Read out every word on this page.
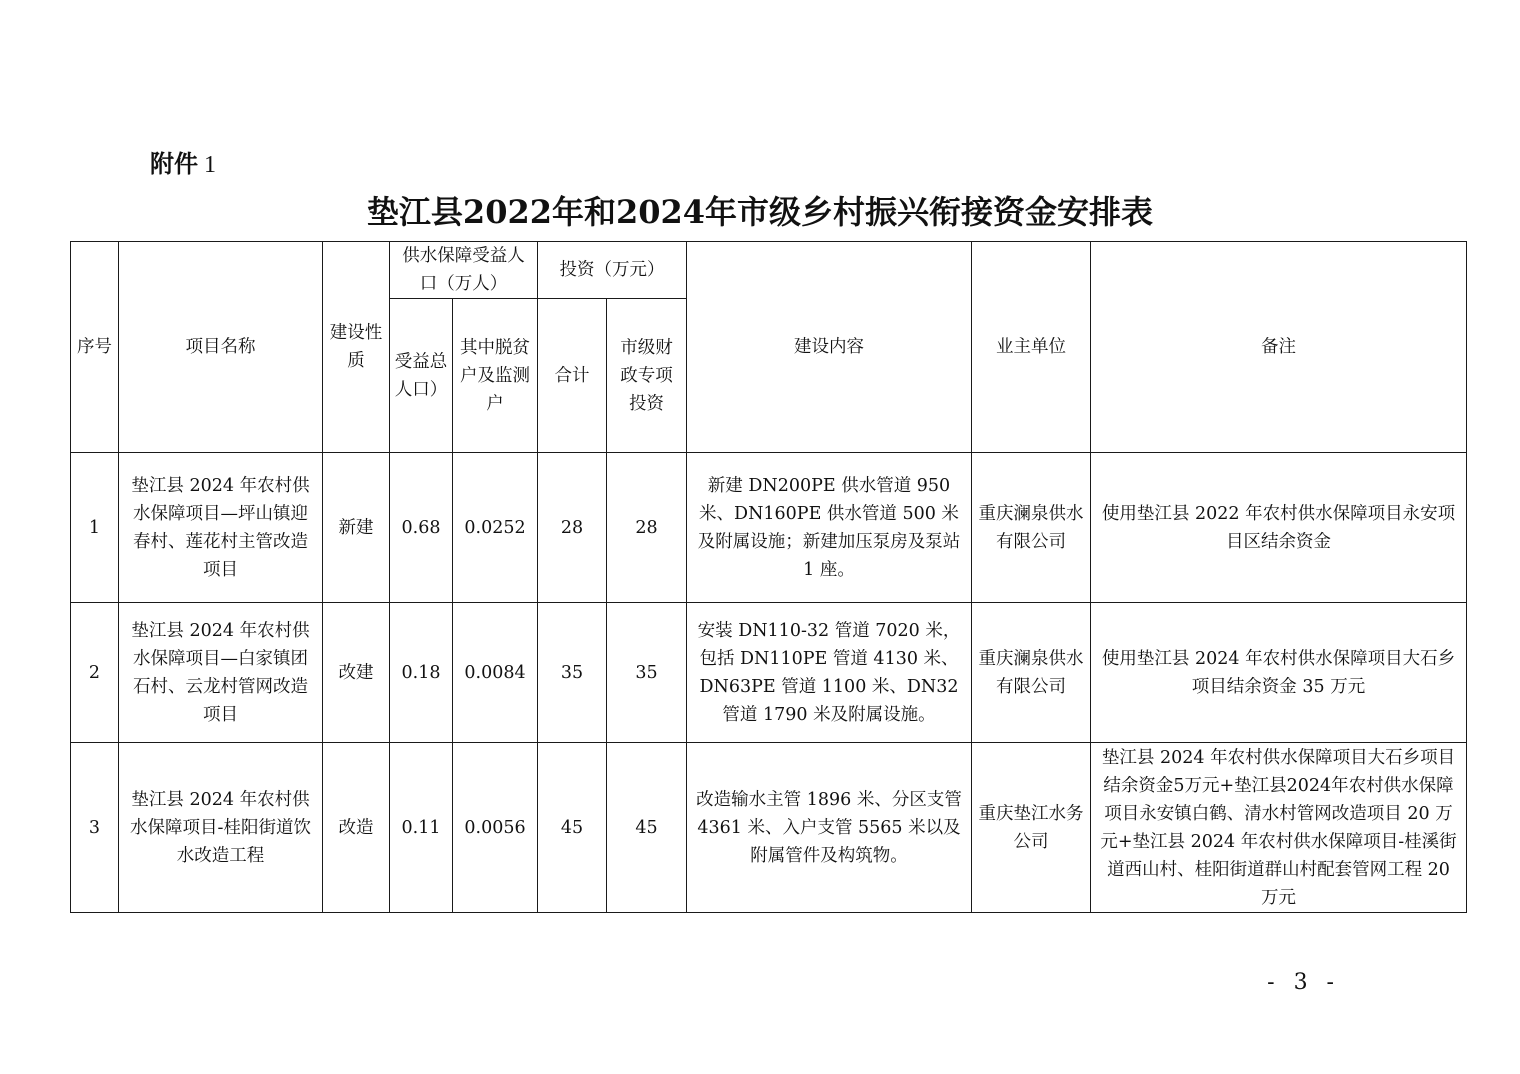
附件 1
垫江县2022年和2024年市级乡村振兴衔接资金安排表
序号	项目名称	建设性质	供水保障受益人口（万人）		投资（万元）		建设内容	业主单位	备注
			受益总人口）	其中脱贫户及监测户	合计	市级财政专项投资			
1	垫江县 2024 年农村供水保障项目—坪山镇迎春村、莲花村主管改造项目	新建	0.68	0.0252	28	28	新建 DN200PE 供水管道 950 米、DN160PE 供水管道 500 米及附属设施；新建加压泵房及泵站 1 座。	重庆澜泉供水有限公司	使用垫江县 2022 年农村供水保障项目永安项目区结余资金
2	垫江县 2024 年农村供水保障项目—白家镇团石村、云龙村管网改造项目	改建	0.18	0.0084	35	35	安装 DN110-32 管道 7020 米，包括 DN110PE 管道 4130 米、DN63PE 管道 1100 米、DN32 管道 1790 米及附属设施。	重庆澜泉供水有限公司	使用垫江县 2024 年农村供水保障项目大石乡项目结余资金 35 万元
3	垫江县 2024 年农村供水保障项目-桂阳街道饮水改造工程	改造	0.11	0.0056	45	45	改造输水主管 1896 米、分区支管 4361 米、入户支管 5565 米以及附属管件及构筑物。	重庆垫江水务公司	垫江县 2024 年农村供水保障项目大石乡项目结余资金5万元+垫江县2024年农村供水保障项目永安镇白鹤、清水村管网改造项目 20 万元+垫江县 2024 年农村供水保障项目-桂溪街道西山村、桂阳街道群山村配套管网工程 20 万元
- 3 -
